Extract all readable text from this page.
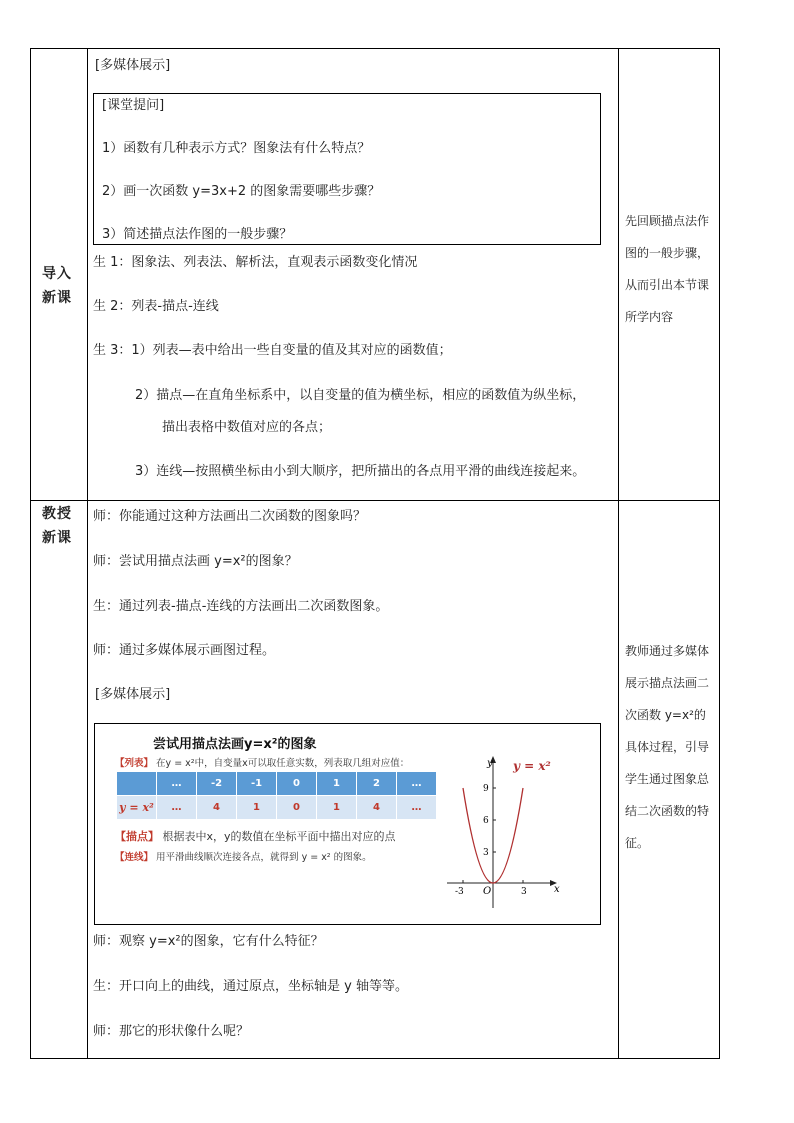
导入
新课
教授
新课
[多媒体展示]
[课堂提问]
1）函数有几种表示方式？图象法有什么特点？
2）画一次函数 y=3x+2 的图象需要哪些步骤？
3）简述描点法作图的一般步骤？
生 1：图象法、列表法、解析法，直观表示函数变化情况
生 2：列表-描点-连线
生 3：1）列表—表中给出一些自变量的值及其对应的函数值；
2）描点—在直角坐标系中，以自变量的值为横坐标，相应的函数值为纵坐标，
描出表格中数值对应的各点；
3）连线—按照横坐标由小到大顺序，把所描出的各点用平滑的曲线连接起来。
先回顾描点法作
图的一般步骤，
从而引出本节课
所学内容
师：你能通过这种方法画出二次函数的图象吗？
师：尝试用描点法画 y=x²的图象？
生：通过列表-描点-连线的方法画出二次函数图象。
师：通过多媒体展示画图过程。
[多媒体展示]
尝试用描点法画y=x²的图象
【列表】 在y = x²中，自变量x可以取任意实数，列表取几组对应值：
	…	-2	-1	0	1	2	…
y = x²	…	4	1	0	1	4	…
【描点】 根据表中x，y的数值在坐标平面中描出对应的点
【连线】 用平滑曲线顺次连接各点，就得到 y = x² 的图象。
y
x
O
9
6
3
-3	3
y = x²
师：观察 y=x²的图象，它有什么特征？
生：开口向上的曲线，通过原点，坐标轴是 y 轴等等。
师：那它的形状像什么呢？
教师通过多媒体
展示描点法画二
次函数 y=x²的
具体过程，引导
学生通过图象总
结二次函数的特
征。
